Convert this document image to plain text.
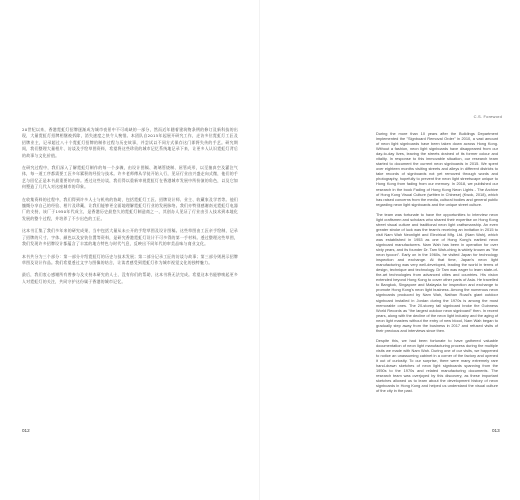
20世纪以来，香港霓虹灯招牌逐渐成为城市夜景中不可或缺的一部分，然而近年随着建筑物条例的修订及新科技的出现，大量霓虹灯招牌相继被拆除，消失速度之快令人惋惜。本团队自2015年起展开研究工作，走访多位霓虹灯工匠及招牌业主，记录超过八十个霓虹灯招牌的制作过程与历史故事，并尝试以不同方式保存这门即将失传的手艺。研究期间，我们整理大量相片、访谈及手绘草图资料，希望将这些珍贵的城市记忆系统地记录下来，让更多人认识霓虹灯背后的故事与文化价值。

在研究过程中，我们深入了解霓虹灯制作的每一个步骤，由设计图稿、玻璃管烧制、屈管成形，以至抽真空及灌注气体，每一道工序都需要工匠多年累积的经验与技术。许多老师傅从学徒开始入行，见证行业由兴盛走向式微，他们的手艺与回忆正是本书最重要的内容。透过这些访谈，我们得以重新审视霓虹灯在香港城市发展中所扮演的角色，以及它如何塑造了几代人对这座城市的印象。

在收集资料的过程中，我们得到许多人士与机构的协助，包括霓虹灯工匠、招牌设计师、业主、收藏家及学者等。他们慷慨分享自己的经验、相片及珍藏，让我们能够更全面地理解霓虹灯行业的发展脉络。我们亦特别感谢南光霓虹灯电器厂的支持，该厂于1950年代成立，是香港历史最悠久的霓虹灯制造商之一，其创办人见证了行业由引入技术到本地化发展的整个过程，并培养了不少出色的工匠。

这本书汇集了我们多年来的研究成果，当中包括大量从未公开的手绘草图及设计图稿。这些草图由工匠亲手绘制，记录了招牌的尺寸、字体、颜色以及安装位置等资料，是研究香港霓虹灯设计不可多得的第一手材料。透过整理这些草图，我们发现许多招牌设计都蕴含了丰富的地方特色与时代气息，反映出不同年代的审美品味与商业文化。

本书共分为三个部分：第一部分介绍霓虹灯的历史与技术发展；第二部分记录工匠的访谈与故事；第三部分则展示招牌草图及设计作品。我们希望透过文字与图像的结合，让读者感受到霓虹灯作为城市视觉文化的独特魅力。

最后，我们衷心感谢所有曾参与及支持本研究的人士，没有你们的帮助，这本书将无法完成。希望这本书能够唤起更多人对霓虹灯的关注，共同守护这份属于香港的城市记忆。

012
C.S. Foreword

During the more than 10 years after the Buildings Department implemented the "Signboard Removal Order" in 2010, a vast amount of neon light signboards have been taken down across Hong Kong. Without a fashion, neon light signboards have disappeared from our day-to-day lives, leaving the streets drained of its former colour and vitality. In response to this immovable situation, our research team started to document the current neon signboards in 2015. We spent over eighteen months visiting streets and alleys in different districts to take records of signboards not yet removed through words and photography, hopefully to prevent the neon light streetscape unique to Hong Kong from fading from our memory. In 2018, we published our research in the book Fading of Hong Kong Neon Lights - The Archive of Hong Kong Visual Culture (written in Chinese) (Kwok, 2018), which has raised concerns from the media, cultural bodies and general public regarding neon light signboards and the unique street culture.

The team was fortunate to have the opportunities to interview neon light craftsmen and scholars who shared their expertise on Hong Kong street visual culture and traditional neon light craftsmanship. An even greater stroke of luck was the team's receiving an invitation in 2015 to visit Nam Wah Neonlight and Electrical Mfg. Ltd. (Nam Wah), which was established in 1953 as one of Hong Kong's earliest neon signboard manufacturers. Nam Wah has been in operation for over sixty years, and its founder Dr. Tam Wah-ching is widely known as "the neon tycoon". Early on in the 1960s, he visited Japan for technology inspection and exchange. At that time, Japan's neon light manufacturing was very well-developed, leading the world in terms of design, technique and technology. Dr Tam was eager to learn state-of-the-art technologies from advanced cities and countries. His vision extended beyond Hong Kong to cover other parts of Asia. He travelled to Bangkok, Singapore and Malaysia for inspection and exchange to promote Hong Kong's neon light business. Among the numerous neon signboards produced by Nam Wah, Nathan Road's giant outdoor signboard installed in Jordan during the 1970s is among the most memorable ones. The 20-storey tall signboard broke the Guinness World Records as "the largest outdoor neon signboard" then. In recent years, along with the decline of the neon light industry and the aging of neon light masters without the entry of new blood, Nam Wah began to gradually step away from the business in 2017 and refused visits of their precious and interviews since then.

Despite this, we had been fortunate to have gathered valuable documentation of neon light manufacturing process during the multiple visits we made with Nam Wah. During one of our visits, we happened to notice an unassuming cabinet in a corner of the factory and opened it out of curiosity. To our surprise, there were many extremely rare hand-drawn sketches of neon light signboards spanning from the 1950s to the 1970s and related manufacturing documents. The research team was overjoyed by this discovery, as these important sketches allowed us to learn about the development history of neon signboards in Hong Kong and helped us understand the visual culture of the city in the past.

013
